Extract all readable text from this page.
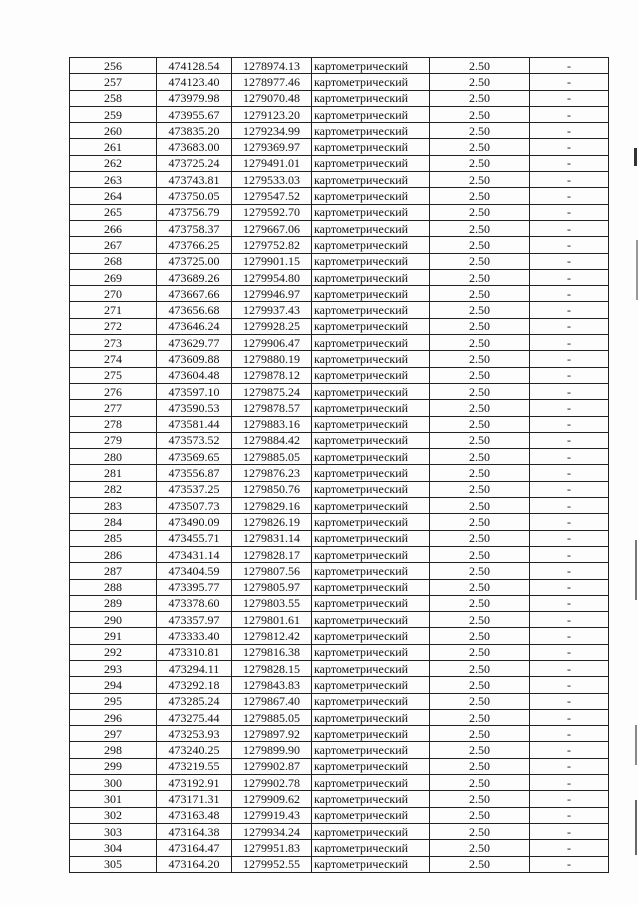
256	474128.54	1278974.13	картометрический	2.50	-
257	474123.40	1278977.46	картометрический	2.50	-
258	473979.98	1279070.48	картометрический	2.50	-
259	473955.67	1279123.20	картометрический	2.50	-
260	473835.20	1279234.99	картометрический	2.50	-
261	473683.00	1279369.97	картометрический	2.50	-
262	473725.24	1279491.01	картометрический	2.50	-
263	473743.81	1279533.03	картометрический	2.50	-
264	473750.05	1279547.52	картометрический	2.50	-
265	473756.79	1279592.70	картометрический	2.50	-
266	473758.37	1279667.06	картометрический	2.50	-
267	473766.25	1279752.82	картометрический	2.50	-
268	473725.00	1279901.15	картометрический	2.50	-
269	473689.26	1279954.80	картометрический	2.50	-
270	473667.66	1279946.97	картометрический	2.50	-
271	473656.68	1279937.43	картометрический	2.50	-
272	473646.24	1279928.25	картометрический	2.50	-
273	473629.77	1279906.47	картометрический	2.50	-
274	473609.88	1279880.19	картометрический	2.50	-
275	473604.48	1279878.12	картометрический	2.50	-
276	473597.10	1279875.24	картометрический	2.50	-
277	473590.53	1279878.57	картометрический	2.50	-
278	473581.44	1279883.16	картометрический	2.50	-
279	473573.52	1279884.42	картометрический	2.50	-
280	473569.65	1279885.05	картометрический	2.50	-
281	473556.87	1279876.23	картометрический	2.50	-
282	473537.25	1279850.76	картометрический	2.50	-
283	473507.73	1279829.16	картометрический	2.50	-
284	473490.09	1279826.19	картометрический	2.50	-
285	473455.71	1279831.14	картометрический	2.50	-
286	473431.14	1279828.17	картометрический	2.50	-
287	473404.59	1279807.56	картометрический	2.50	-
288	473395.77	1279805.97	картометрический	2.50	-
289	473378.60	1279803.55	картометрический	2.50	-
290	473357.97	1279801.61	картометрический	2.50	-
291	473333.40	1279812.42	картометрический	2.50	-
292	473310.81	1279816.38	картометрический	2.50	-
293	473294.11	1279828.15	картометрический	2.50	-
294	473292.18	1279843.83	картометрический	2.50	-
295	473285.24	1279867.40	картометрический	2.50	-
296	473275.44	1279885.05	картометрический	2.50	-
297	473253.93	1279897.92	картометрический	2.50	-
298	473240.25	1279899.90	картометрический	2.50	-
299	473219.55	1279902.87	картометрический	2.50	-
300	473192.91	1279902.78	картометрический	2.50	-
301	473171.31	1279909.62	картометрический	2.50	-
302	473163.48	1279919.43	картометрический	2.50	-
303	473164.38	1279934.24	картометрический	2.50	-
304	473164.47	1279951.83	картометрический	2.50	-
305	473164.20	1279952.55	картометрический	2.50	-
